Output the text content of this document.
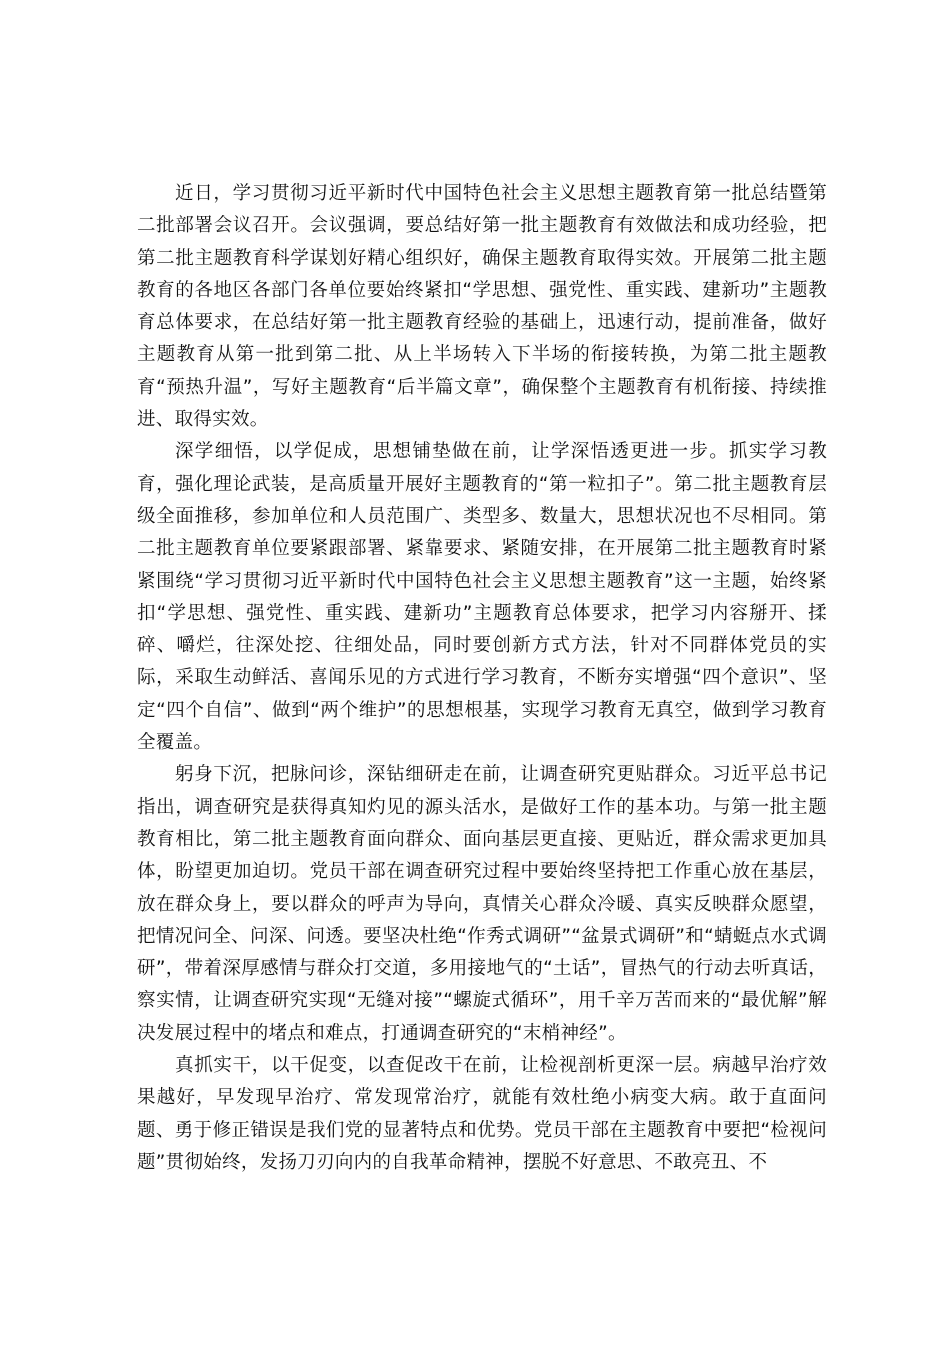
近日，学习贯彻习近平新时代中国特色社会主义思想主题教育第一批总结暨第二批部署会议召开。会议强调，要总结好第一批主题教育有效做法和成功经验，把第二批主题教育科学谋划好精心组织好，确保主题教育取得实效。开展第二批主题教育的各地区各部门各单位要始终紧扣“学思想、强党性、重实践、建新功”主题教育总体要求，在总结好第一批主题教育经验的基础上，迅速行动，提前准备，做好主题教育从第一批到第二批、从上半场转入下半场的衔接转换，为第二批主题教育“预热升温”，写好主题教育“后半篇文章”，确保整个主题教育有机衔接、持续推进、取得实效。

深学细悟，以学促成，思想铺垫做在前，让学深悟透更进一步。抓实学习教育，强化理论武装，是高质量开展好主题教育的“第一粒扣子”。第二批主题教育层级全面推移，参加单位和人员范围广、类型多、数量大，思想状况也不尽相同。第二批主题教育单位要紧跟部署、紧靠要求、紧随安排，在开展第二批主题教育时紧紧围绕“学习贯彻习近平新时代中国特色社会主义思想主题教育”这一主题，始终紧扣“学思想、强党性、重实践、建新功”主题教育总体要求，把学习内容掰开、揉碎、嚼烂，往深处挖、往细处品，同时要创新方式方法，针对不同群体党员的实际，采取生动鲜活、喜闻乐见的方式进行学习教育，不断夯实增强“四个意识”、坚定“四个自信”、做到“两个维护”的思想根基，实现学习教育无真空，做到学习教育全覆盖。

躬身下沉，把脉问诊，深钻细研走在前，让调查研究更贴群众。习近平总书记指出，调查研究是获得真知灼见的源头活水，是做好工作的基本功。与第一批主题教育相比，第二批主题教育面向群众、面向基层更直接、更贴近，群众需求更加具体，盼望更加迫切。党员干部在调查研究过程中要始终坚持把工作重心放在基层，放在群众身上，要以群众的呼声为导向，真情关心群众冷暖、真实反映群众愿望，把情况问全、问深、问透。要坚决杜绝“作秀式调研”“盆景式调研”和“蜻蜓点水式调研”，带着深厚感情与群众打交道，多用接地气的“土话”，冒热气的行动去听真话，察实情，让调查研究实现“无缝对接”“螺旋式循环”，用千辛万苦而来的“最优解”解决发展过程中的堵点和难点，打通调查研究的“末梢神经”。

真抓实干，以干促变，以查促改干在前，让检视剖析更深一层。病越早治疗效果越好，早发现早治疗、常发现常治疗，就能有效杜绝小病变大病。敢于直面问题、勇于修正错误是我们党的显著特点和优势。党员干部在主题教育中要把“检视问题”贯彻始终，发扬刀刃向内的自我革命精神，摆脱不好意思、不敢亮丑、不
